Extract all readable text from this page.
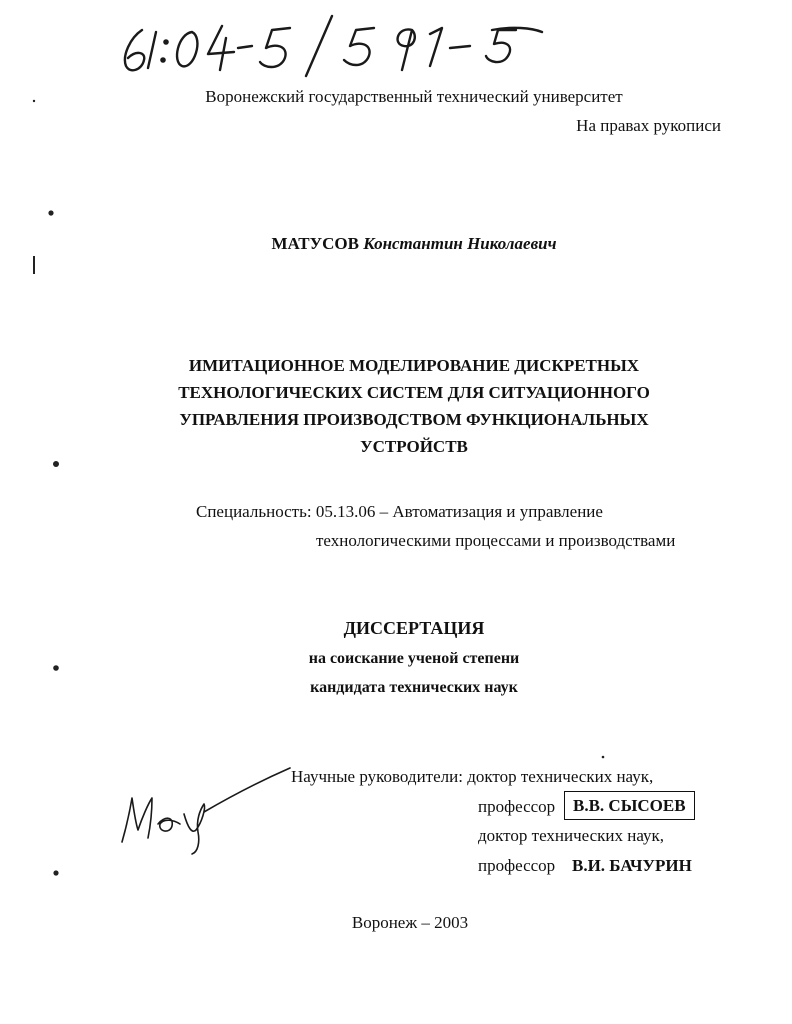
Воронежский государственный технический университет
На правах рукописи
МАТУСОВ Константин Николаевич
ИМИТАЦИОННОЕ МОДЕЛИРОВАНИЕ ДИСКРЕТНЫХ
ТЕХНОЛОГИЧЕСКИХ СИСТЕМ ДЛЯ СИТУАЦИОННОГО
УПРАВЛЕНИЯ ПРОИЗВОДСТВОМ ФУНКЦИОНАЛЬНЫХ
УСТРОЙСТВ
Специальность: 05.13.06 – Автоматизация и управление
технологическими процессами и производствами
ДИССЕРТАЦИЯ
на соискание ученой степени
кандидата технических наук
Научные руководители: доктор технических наук,
профессор	В.В. СЫСОЕВ
доктор технических наук,
профессор В.И. БАЧУРИН
Воронеж – 2003
